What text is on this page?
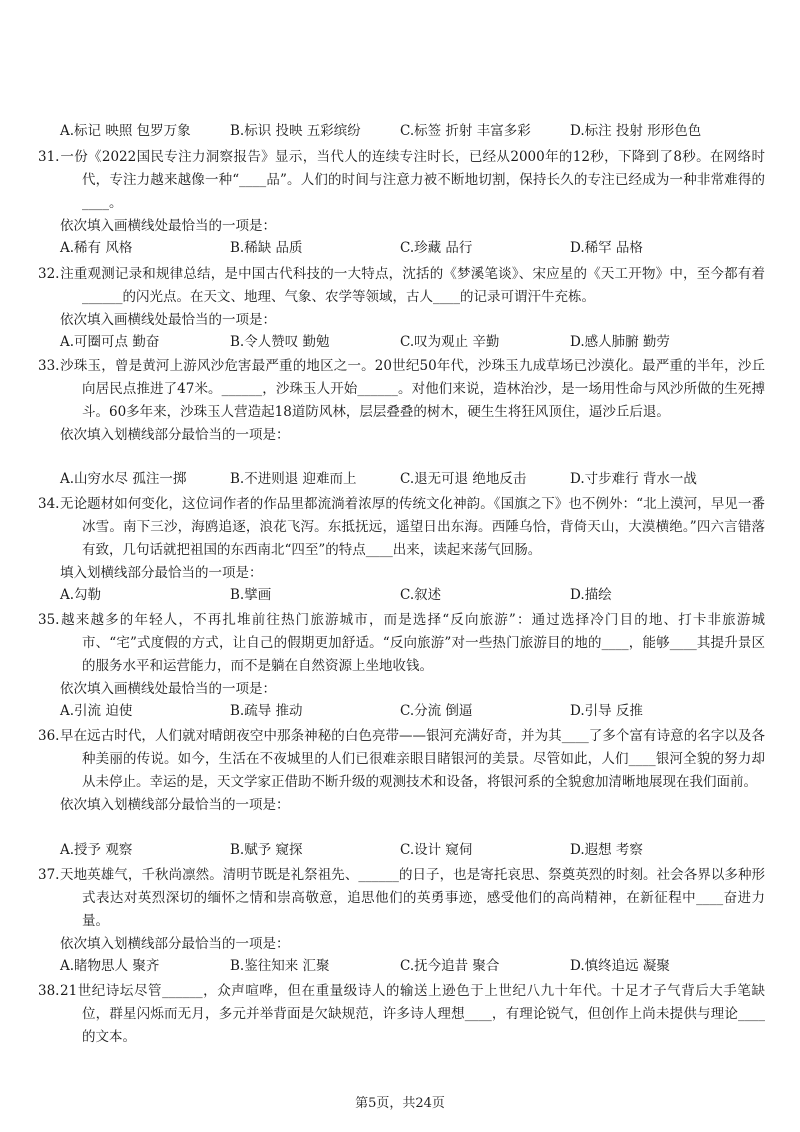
A.标记 映照 包罗万象	B.标识 投映 五彩缤纷	C.标签 折射 丰富多彩	D.标注 投射 形形色色

31.一份《2022国民专注力洞察报告》显示，当代人的连续专注时长，已经从2000年的12秒，下降到了8秒。在网络时代，专注力越来越像一种“____品”。人们的时间与注意力被不断地切割，保持长久的专注已经成为一种非常难得的____。

依次填入画横线处最恰当的一项是：

A.稀有 风格	B.稀缺 品质	C.珍藏 品行	D.稀罕 品格

32.注重观测记录和规律总结，是中国古代科技的一大特点，沈括的《梦溪笔谈》、宋应星的《天工开物》中，至今都有着______的闪光点。在天文、地理、气象、农学等领域，古人____的记录可谓汗牛充栋。

依次填入画横线处最恰当的一项是：

A.可圈可点 勤奋	B.令人赞叹 勤勉	C.叹为观止 辛勤	D.感人肺腑 勤劳

33.沙珠玉，曾是黄河上游风沙危害最严重的地区之一。20世纪50年代，沙珠玉九成草场已沙漠化。最严重的半年，沙丘向居民点推进了47米。______，沙珠玉人开始______。对他们来说，造林治沙，是一场用性命与风沙所做的生死搏斗。60多年来，沙珠玉人营造起18道防风林，层层叠叠的树木，硬生生将狂风顶住，逼沙丘后退。

依次填入划横线部分最恰当的一项是：

A.山穷水尽 孤注一掷	B.不进则退 迎难而上	C.退无可退 绝地反击	D.寸步难行 背水一战

34.无论题材如何变化，这位词作者的作品里都流淌着浓厚的传统文化神韵。《国旗之下》也不例外：“北上漠河，早见一番冰雪。南下三沙，海鸥追逐，浪花飞泻。东抵抚远，遥望日出东海。西陲乌恰，背倚天山，大漠横绝。”四六言错落有致，几句话就把祖国的东西南北“四至”的特点____出来，读起来荡气回肠。

填入划横线部分最恰当的一项是：

A.勾勒	B.擘画	C.叙述	D.描绘

35.越来越多的年轻人，不再扎堆前往热门旅游城市，而是选择“反向旅游”：通过选择冷门目的地、打卡非旅游城市、“宅”式度假的方式，让自己的假期更加舒适。“反向旅游”对一些热门旅游目的地的____，能够____其提升景区的服务水平和运营能力，而不是躺在自然资源上坐地收钱。

依次填入画横线处最恰当的一项是：

A.引流 迫使	B.疏导 推动	C.分流 倒逼	D.引导 反推

36.早在远古时代，人们就对晴朗夜空中那条神秘的白色亮带——银河充满好奇，并为其____了多个富有诗意的名字以及各种美丽的传说。如今，生活在不夜城里的人们已很难亲眼目睹银河的美景。尽管如此，人们____银河全貌的努力却从未停止。幸运的是，天文学家正借助不断升级的观测技术和设备，将银河系的全貌愈加清晰地展现在我们面前。

依次填入划横线部分最恰当的一项是：

A.授予 观察	B.赋予 窥探	C.设计 窥伺	D.遐想 考察

37.天地英雄气，千秋尚凛然。清明节既是礼祭祖先、______的日子，也是寄托哀思、祭奠英烈的时刻。社会各界以多种形式表达对英烈深切的缅怀之情和崇高敬意，追思他们的英勇事迹，感受他们的高尚精神，在新征程中____奋进力量。

依次填入划横线部分最恰当的一项是：

A.睹物思人 聚齐	B.鉴往知来 汇聚	C.抚今追昔 聚合	D.慎终追远 凝聚

38.21世纪诗坛尽管______，众声喧哗，但在重量级诗人的输送上逊色于上世纪八九十年代。十足才子气背后大手笔缺位，群星闪烁而无月，多元并举背面是欠缺规范，许多诗人理想____，有理论锐气，但创作上尚未提供与理论____的文本。

第5页，共24页
